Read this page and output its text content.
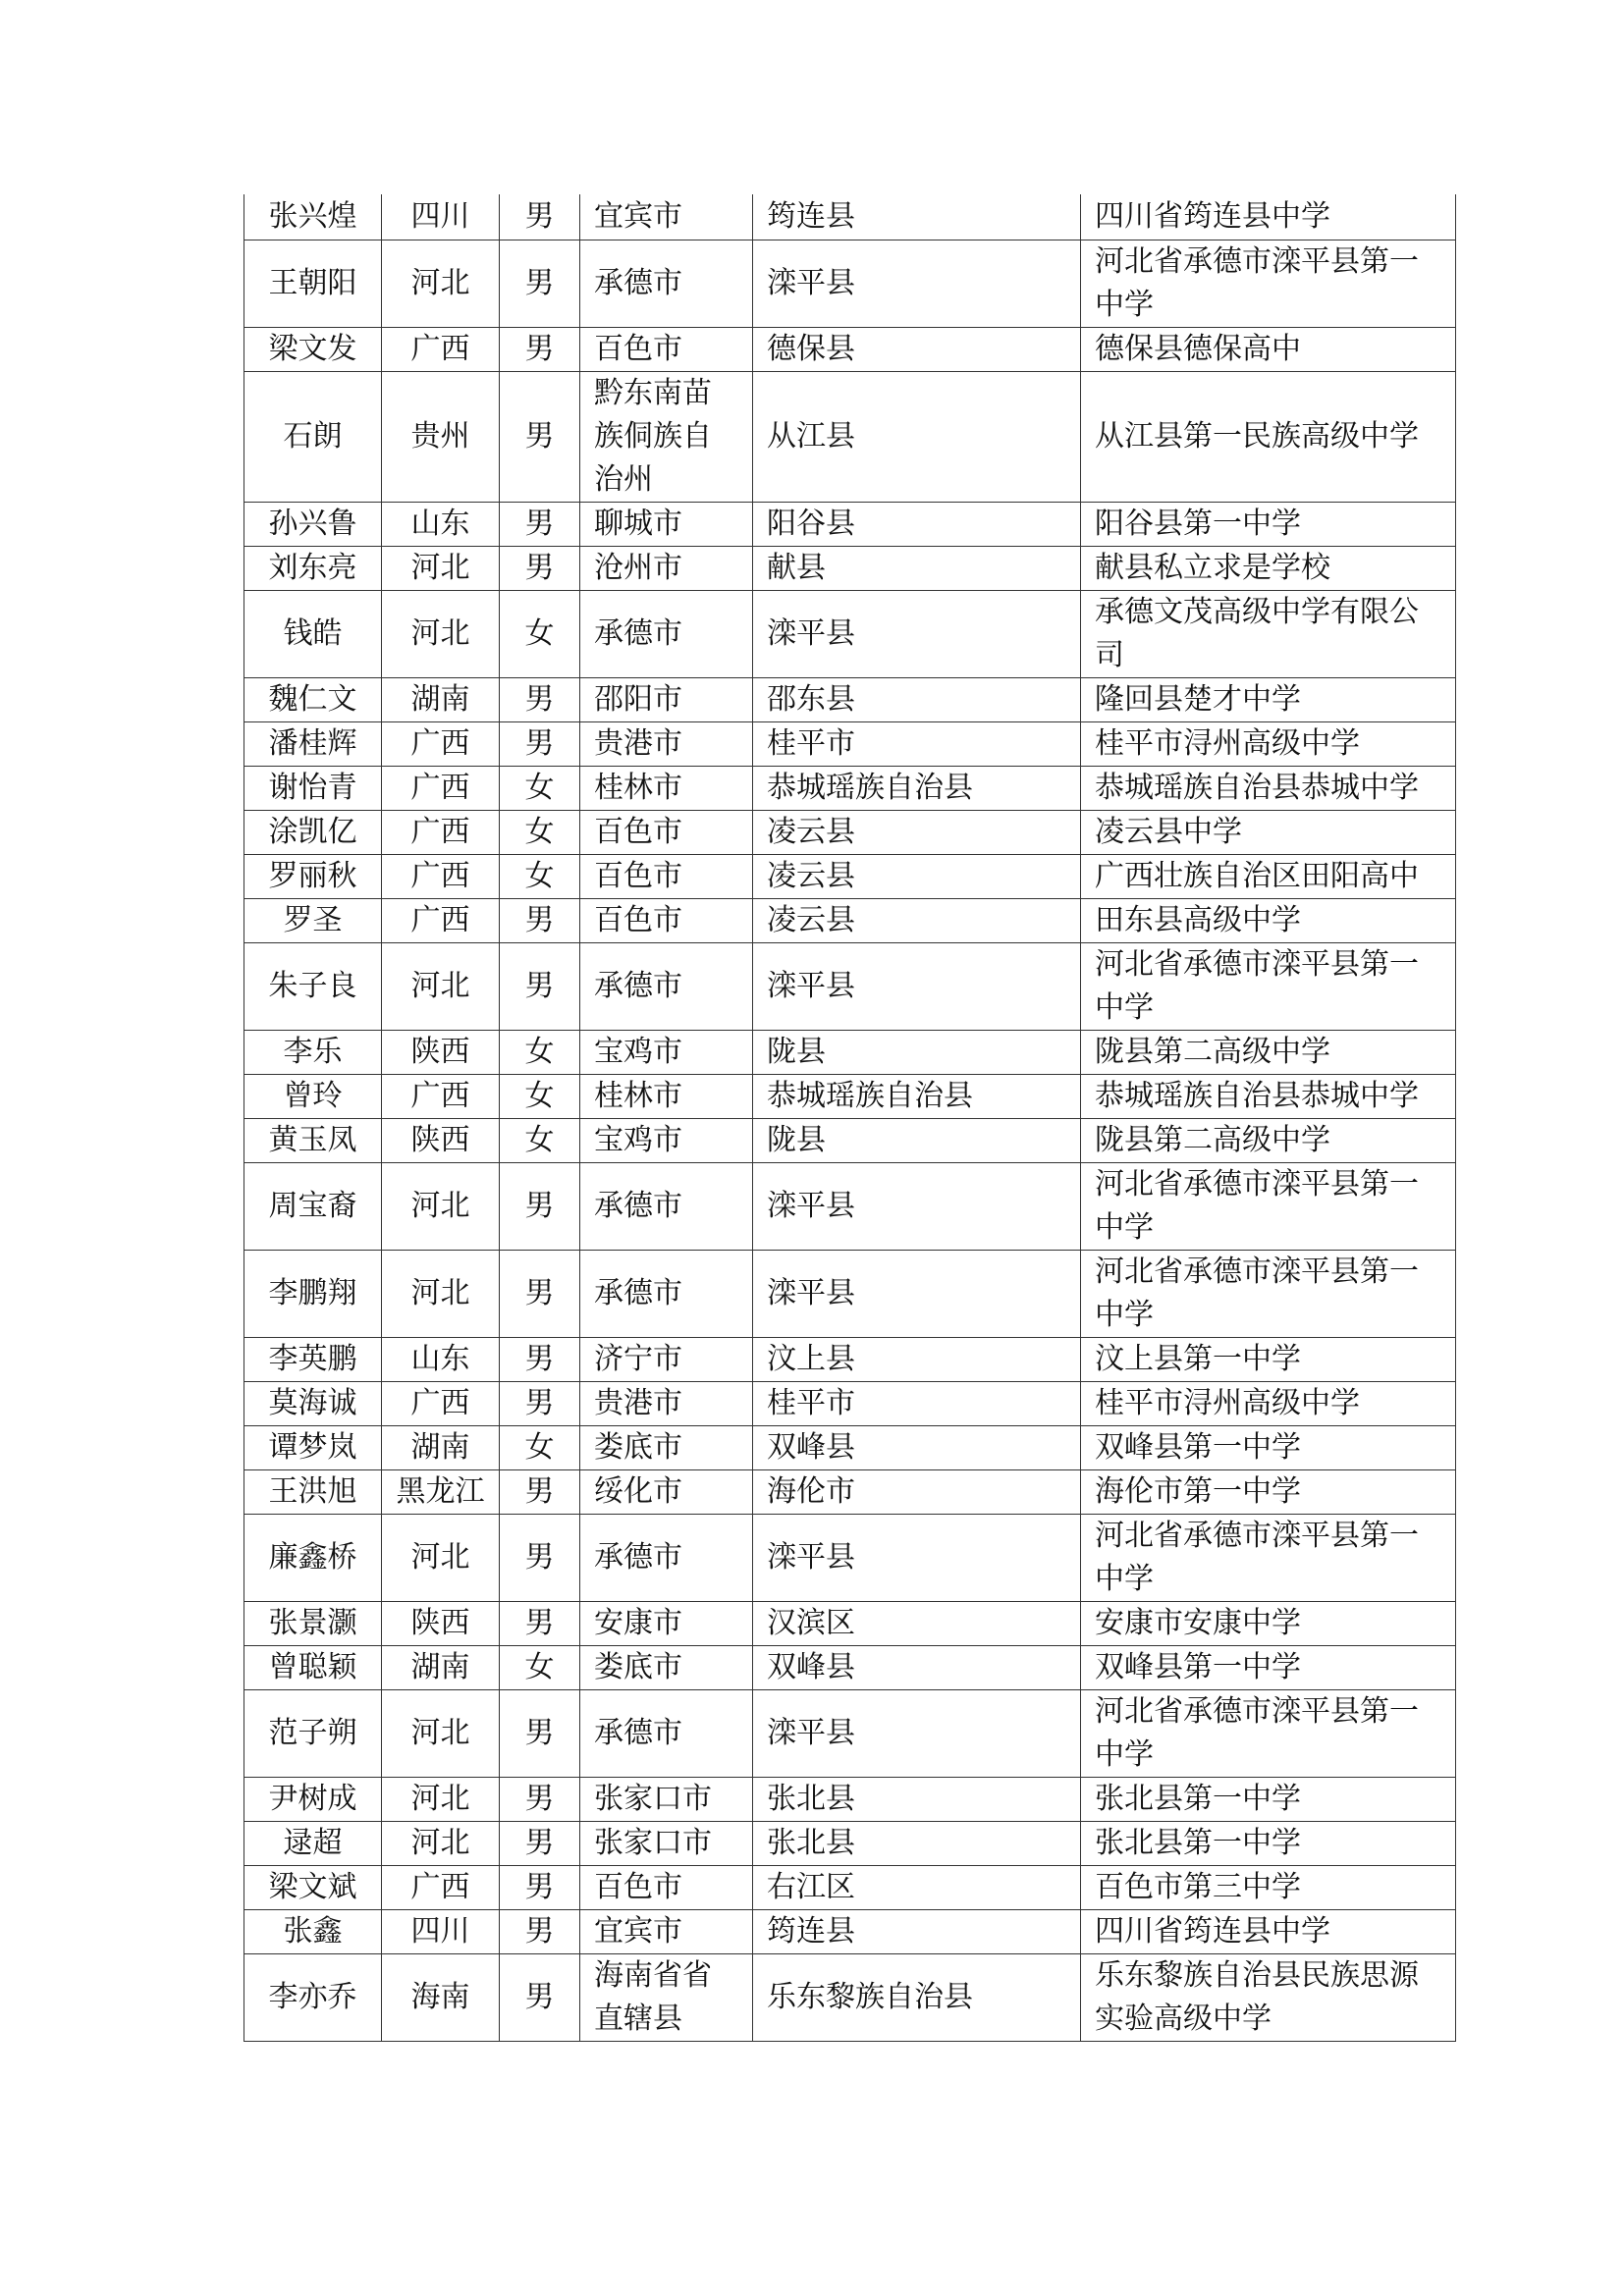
张兴煌	四川	男	宜宾市	筠连县	四川省筠连县中学
王朝阳	河北	男	承德市	滦平县	河北省承德市滦平县第一中学
梁文发	广西	男	百色市	德保县	德保县德保高中
石朗	贵州	男	黔东南苗族侗族自治州	从江县	从江县第一民族高级中学
孙兴鲁	山东	男	聊城市	阳谷县	阳谷县第一中学
刘东亮	河北	男	沧州市	献县	献县私立求是学校
钱皓	河北	女	承德市	滦平县	承德文茂高级中学有限公司
魏仁文	湖南	男	邵阳市	邵东县	隆回县楚才中学
潘桂辉	广西	男	贵港市	桂平市	桂平市浔州高级中学
谢怡青	广西	女	桂林市	恭城瑶族自治县	恭城瑶族自治县恭城中学
涂凯亿	广西	女	百色市	凌云县	凌云县中学
罗丽秋	广西	女	百色市	凌云县	广西壮族自治区田阳高中
罗圣	广西	男	百色市	凌云县	田东县高级中学
朱子良	河北	男	承德市	滦平县	河北省承德市滦平县第一中学
李乐	陕西	女	宝鸡市	陇县	陇县第二高级中学
曾玲	广西	女	桂林市	恭城瑶族自治县	恭城瑶族自治县恭城中学
黄玉凤	陕西	女	宝鸡市	陇县	陇县第二高级中学
周宝裔	河北	男	承德市	滦平县	河北省承德市滦平县第一中学
李鹏翔	河北	男	承德市	滦平县	河北省承德市滦平县第一中学
李英鹏	山东	男	济宁市	汶上县	汶上县第一中学
莫海诚	广西	男	贵港市	桂平市	桂平市浔州高级中学
谭梦岚	湖南	女	娄底市	双峰县	双峰县第一中学
王洪旭	黑龙江	男	绥化市	海伦市	海伦市第一中学
廉鑫桥	河北	男	承德市	滦平县	河北省承德市滦平县第一中学
张景灏	陕西	男	安康市	汉滨区	安康市安康中学
曾聪颖	湖南	女	娄底市	双峰县	双峰县第一中学
范子朔	河北	男	承德市	滦平县	河北省承德市滦平县第一中学
尹树成	河北	男	张家口市	张北县	张北县第一中学
逯超	河北	男	张家口市	张北县	张北县第一中学
梁文斌	广西	男	百色市	右江区	百色市第三中学
张鑫	四川	男	宜宾市	筠连县	四川省筠连县中学
李亦乔	海南	男	海南省省直辖县	乐东黎族自治县	乐东黎族自治县民族思源实验高级中学
